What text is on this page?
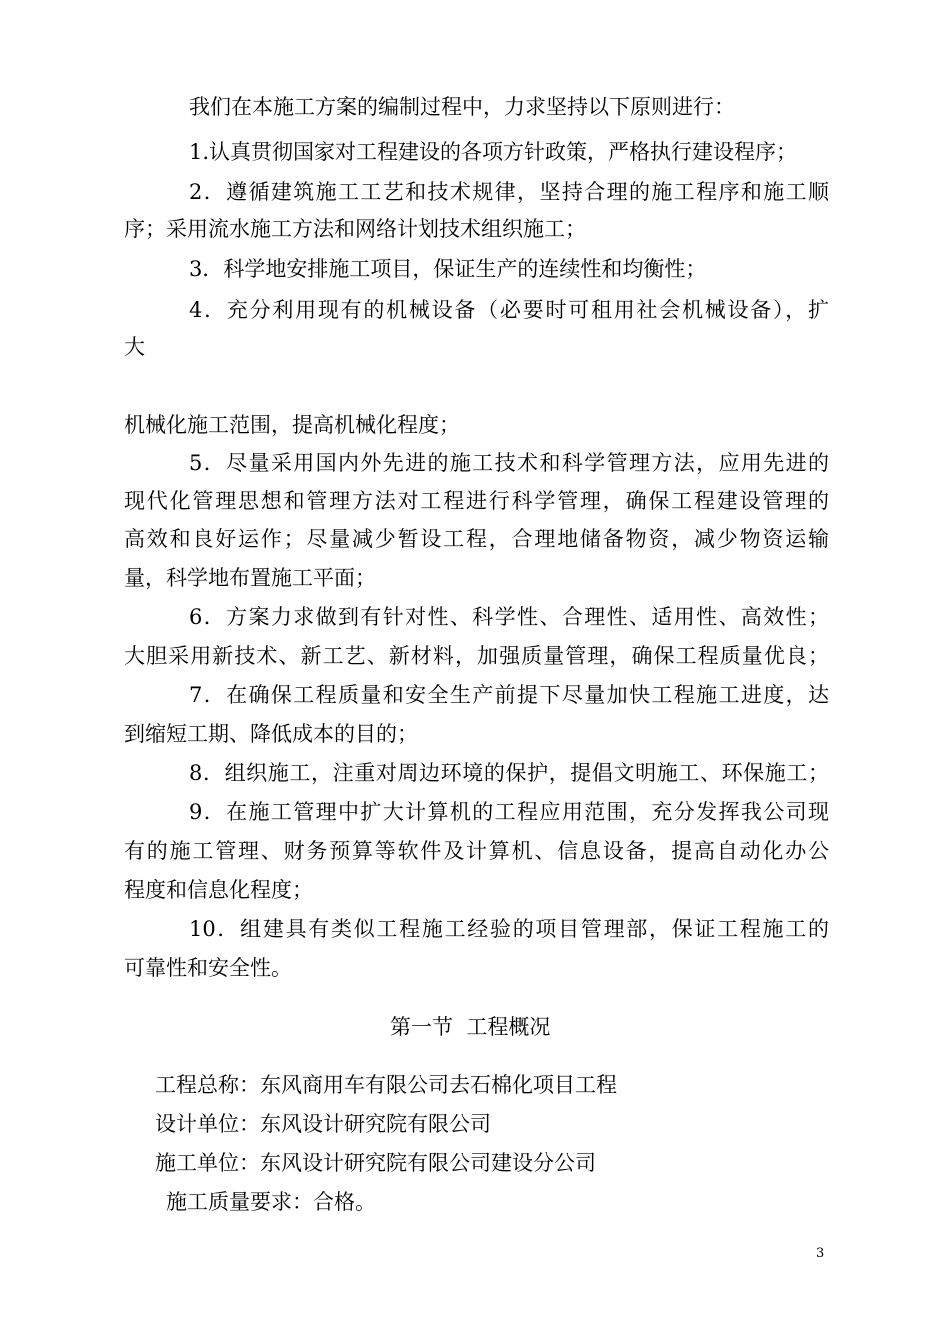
我们在本施工方案的编制过程中，力求坚持以下原则进行：
1.认真贯彻国家对工程建设的各项方针政策，严格执行建设程序；
2．遵循建筑施工工艺和技术规律，坚持合理的施工程序和施工顺
序；采用流水施工方法和网络计划技术组织施工；
3．科学地安排施工项目，保证生产的连续性和均衡性；
4．充分利用现有的机械设备（必要时可租用社会机械设备），扩
大
机械化施工范围，提高机械化程度；
5．尽量采用国内外先进的施工技术和科学管理方法，应用先进的
现代化管理思想和管理方法对工程进行科学管理，确保工程建设管理的
高效和良好运作；尽量减少暂设工程，合理地储备物资，减少物资运输
量，科学地布置施工平面；
6．方案力求做到有针对性、科学性、合理性、适用性、高效性；
大胆采用新技术、新工艺、新材料，加强质量管理，确保工程质量优良；
7．在确保工程质量和安全生产前提下尽量加快工程施工进度，达
到缩短工期、降低成本的目的；
8．组织施工，注重对周边环境的保护，提倡文明施工、环保施工；
9．在施工管理中扩大计算机的工程应用范围，充分发挥我公司现
有的施工管理、财务预算等软件及计算机、信息设备，提高自动化办公
程度和信息化程度；
10．组建具有类似工程施工经验的项目管理部，保证工程施工的
可靠性和安全性。
第一节  工程概况
工程总称：东风商用车有限公司去石棉化项目工程
设计单位：东风设计研究院有限公司
施工单位：东风设计研究院有限公司建设分公司
施工质量要求：合格。
3
